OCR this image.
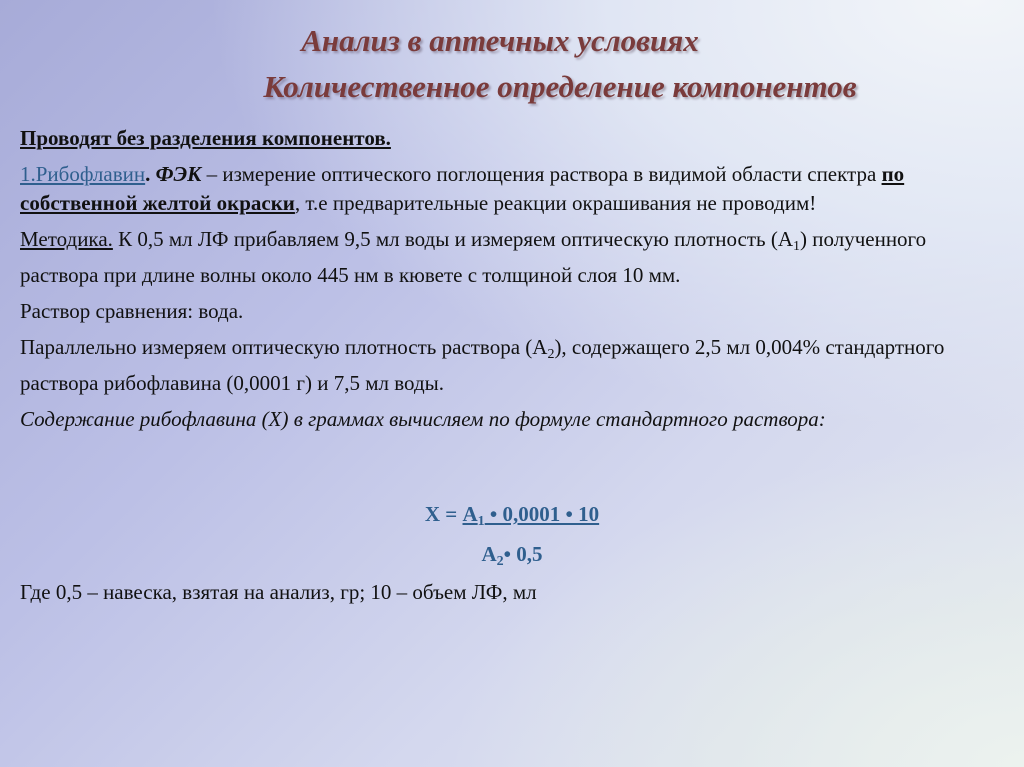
Анализ в аптечных условиях
Количественное определение компонентов

Проводят без разделения компонентов.

1.Рибофлавин. ФЭК – измерение оптического поглощения раствора в видимой области спектра по собственной желтой окраски, т.е предварительные реакции окрашивания не проводим!

Методика. К 0,5 мл ЛФ прибавляем 9,5 мл воды и измеряем оптическую плотность $(А_1)$ полученного раствора при длине волны около 445 нм в кювете с толщиной слоя 10 мм.

Раствор сравнения: вода.

Параллельно измеряем оптическую плотность раствора $(А_2)$, содержащего 2,5 мл 0,004% стандартного раствора рибофлавина (0,0001 г) и 7,5 мл воды.

Содержание рибофлавина (Х) в граммах вычисляем по формуле стандартного раствора:

$Х = А_1$ • 0,0001 • 10
$А_2•$ 0,5
Где 0,5 – навеска, взятая на анализ, гр; 10 – объем ЛФ, мл
